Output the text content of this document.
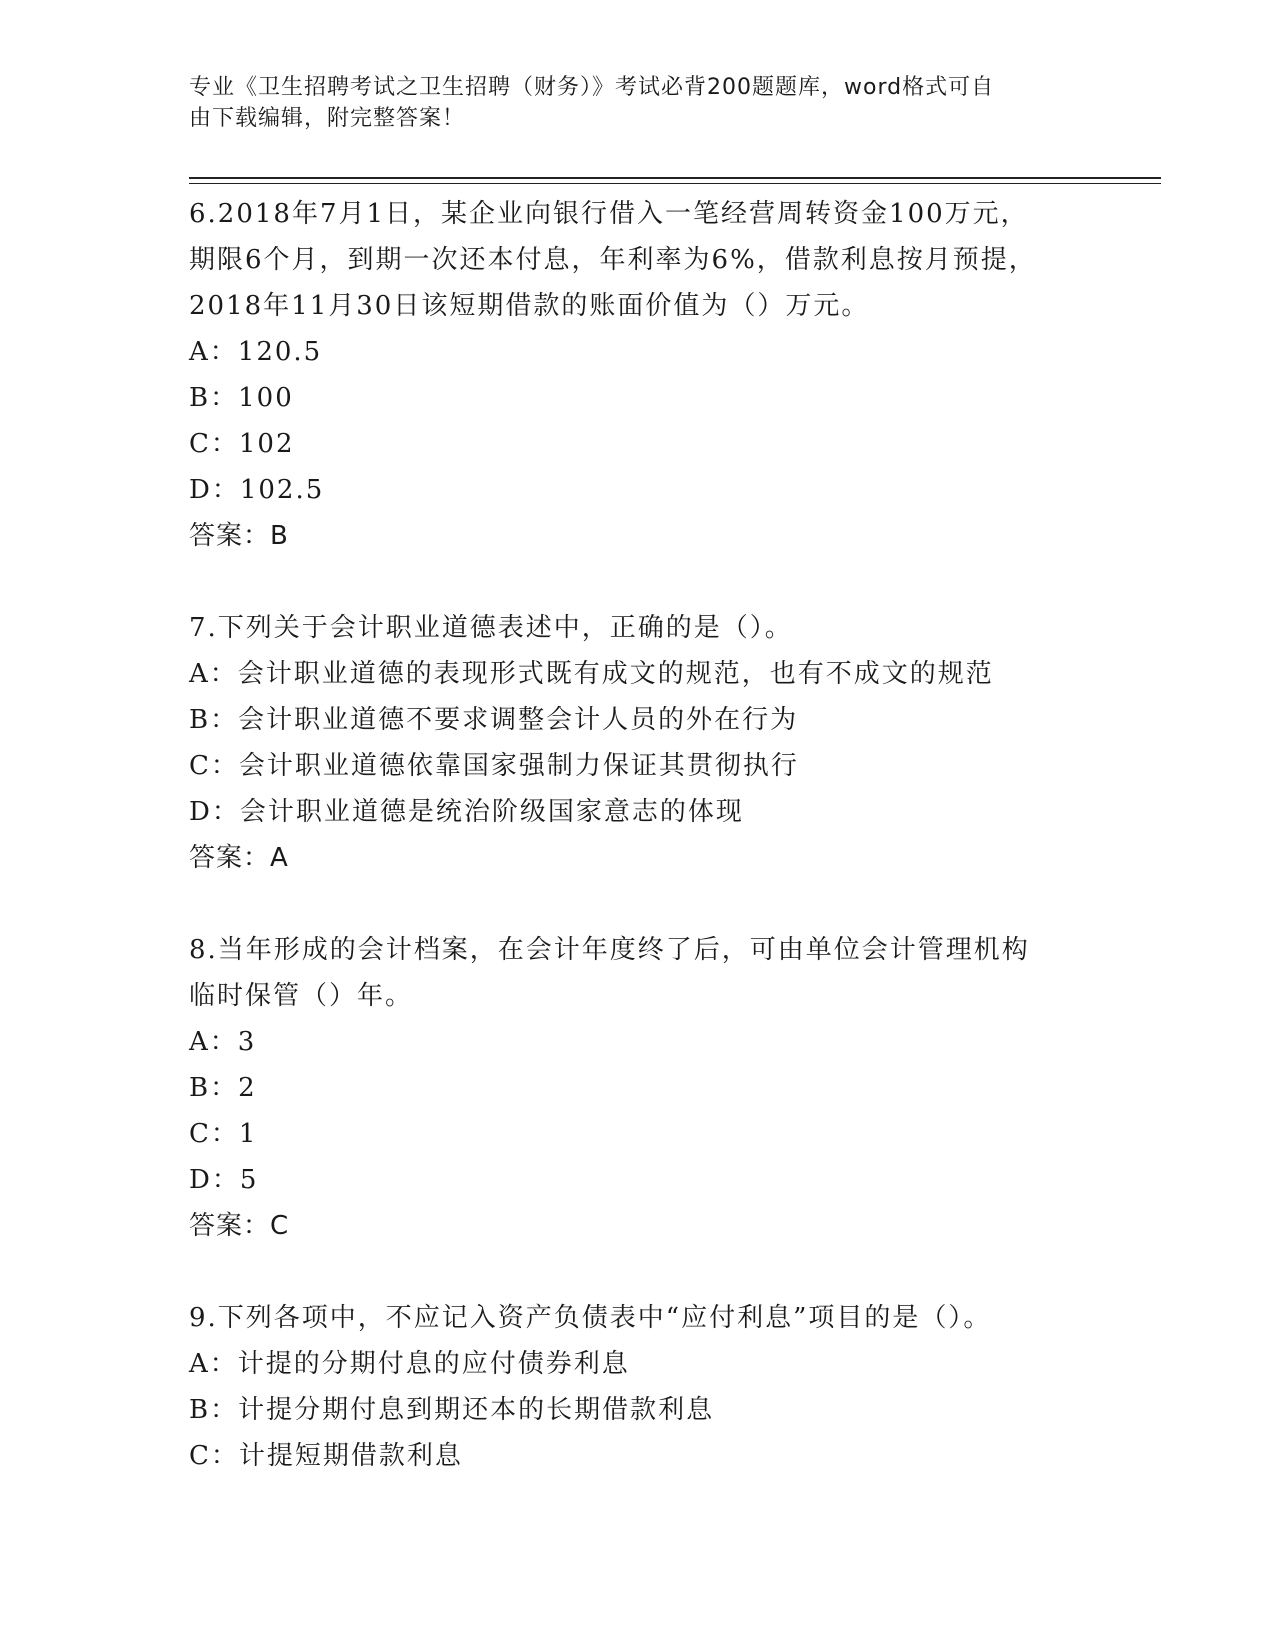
专业《卫生招聘考试之卫生招聘（财务）》考试必背200题题库，word格式可自
由下载编辑，附完整答案！
6.2018年7月1日，某企业向银行借入一笔经营周转资金100万元，
期限6个月，到期一次还本付息，年利率为6%，借款利息按月预提，
2018年11月30日该短期借款的账面价值为（）万元。
A：120.5
B：100
C：102
D：102.5
答案：B
7.下列关于会计职业道德表述中，正确的是（）。
A：会计职业道德的表现形式既有成文的规范，也有不成文的规范
B：会计职业道德不要求调整会计人员的外在行为
C：会计职业道德依靠国家强制力保证其贯彻执行
D：会计职业道德是统治阶级国家意志的体现
答案：A
8.当年形成的会计档案，在会计年度终了后，可由单位会计管理机构
临时保管（）年。
A：3
B：2
C：1
D：5
答案：C
9.下列各项中，不应记入资产负债表中“应付利息”项目的是（）。
A：计提的分期付息的应付债券利息
B：计提分期付息到期还本的长期借款利息
C：计提短期借款利息
